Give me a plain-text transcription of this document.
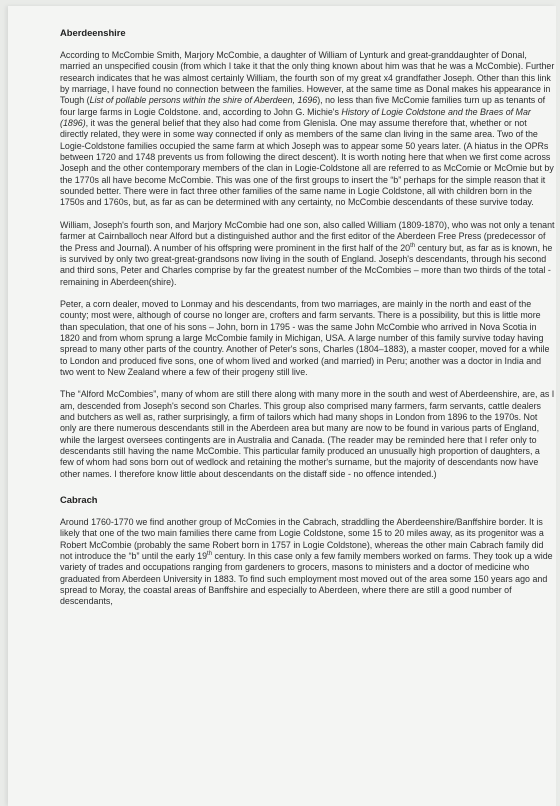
Aberdeenshire

According to McCombie Smith, Marjory McCombie, a daughter of William of Lynturk and great-granddaughter of Donal, married an unspecified cousin (from which I take it that the only thing known about him was that he was a McCombie). Further research indicates that he was almost certainly William, the fourth son of my great x4 grandfather Joseph. Other than this link by marriage, I have found no connection between the families. However, at the same time as Donal makes his appearance in Tough (List of pollable persons within the shire of Aberdeen, 1696), no less than five McComie families turn up as tenants of four large farms in Logie Coldstone. and, according to John G. Michie's History of Logie Coldstone and the Braes of Mar (1896), it was the general belief that they also had come from Glenisla. One may assume therefore that, whether or not directly related, they were in some way connected if only as members of the same clan living in the same area. Two of the Logie-Coldstone families occupied the same farm at which Joseph was to appear some 50 years later. (A hiatus in the OPRs between 1720 and 1748 prevents us from following the direct descent). It is worth noting here that when we first come across Joseph and the other contemporary members of the clan in Logie-Coldstone all are referred to as McComie or McOmie but by the 1770s all have become McCombie. This was one of the first groups to insert the “b” perhaps for the simple reason that it sounded better. There were in fact three other families of the same name in Logie Coldstone, all with children born in the 1750s and 1760s, but, as far as can be determined with any certainty, no McCombie descendants of these survive today.

William, Joseph's fourth son, and Marjory McCombie had one son, also called William (1809-1870), who was not only a tenant farmer at Cairnballoch near Alford but a distinguished author and the first editor of the Aberdeen Free Press (predecessor of the Press and Journal). A number of his offspring were prominent in the first half of the 20th century but, as far as is known, he is survived by only two great-great-grandsons now living in the south of England. Joseph's descendants, through his second and third sons, Peter and Charles comprise by far the greatest number of the McCombies – more than two thirds of the total - remaining in Aberdeen(shire).

Peter, a corn dealer, moved to Lonmay and his descendants, from two marriages, are mainly in the north and east of the county; most were, although of course no longer are, crofters and farm servants. There is a possibility, but this is little more than speculation, that one of his sons – John, born in 1795 - was the same John McCombie who arrived in Nova Scotia in 1820 and from whom sprung a large McCombie family in Michigan, USA. A large number of this family survive today having spread to many other parts of the country. Another of Peter's sons, Charles (1804–1883), a master cooper, moved for a while to London and produced five sons, one of whom lived and worked (and married) in Peru; another was a doctor in India and two went to New Zealand where a few of their progeny still live.

The “Alford McCombies”, many of whom are still there along with many more in the south and west of Aberdeenshire, are, as I am, descended from Joseph's second son Charles. This group also comprised many farmers, farm servants, cattle dealers and butchers as well as, rather surprisingly, a firm of tailors which had many shops in London from 1896 to the 1970s. Not only are there numerous descendants still in the Aberdeen area but many are now to be found in various parts of England, while the largest oversees contingents are in Australia and Canada. (The reader may be reminded here that I refer only to descendants still having the name McCombie. This particular family produced an unusually high proportion of daughters, a few of whom had sons born out of wedlock and retaining the mother's surname, but the majority of descendants now have other names. I therefore know little about descendants on the distaff side - no offence intended.)

Cabrach

Around 1760-1770 we find another group of McComies in the Cabrach, straddling the Aberdeenshire/Banffshire border. It is likely that one of the two main families there came from Logie Coldstone, some 15 to 20 miles away, as its progenitor was a Robert McCombie (probably the same Robert born in 1757 in Logie Coldstone), whereas the other main Cabrach family did not introduce the “b” until the early 19th century. In this case only a few family members worked on farms. They took up a wide variety of trades and occupations ranging from gardeners to grocers, masons to ministers and a doctor of medicine who graduated from Aberdeen University in 1883. To find such employment most moved out of the area some 150 years ago and spread to Moray, the coastal areas of Banffshire and especially to Aberdeen, where there are still a good number of descendants,
